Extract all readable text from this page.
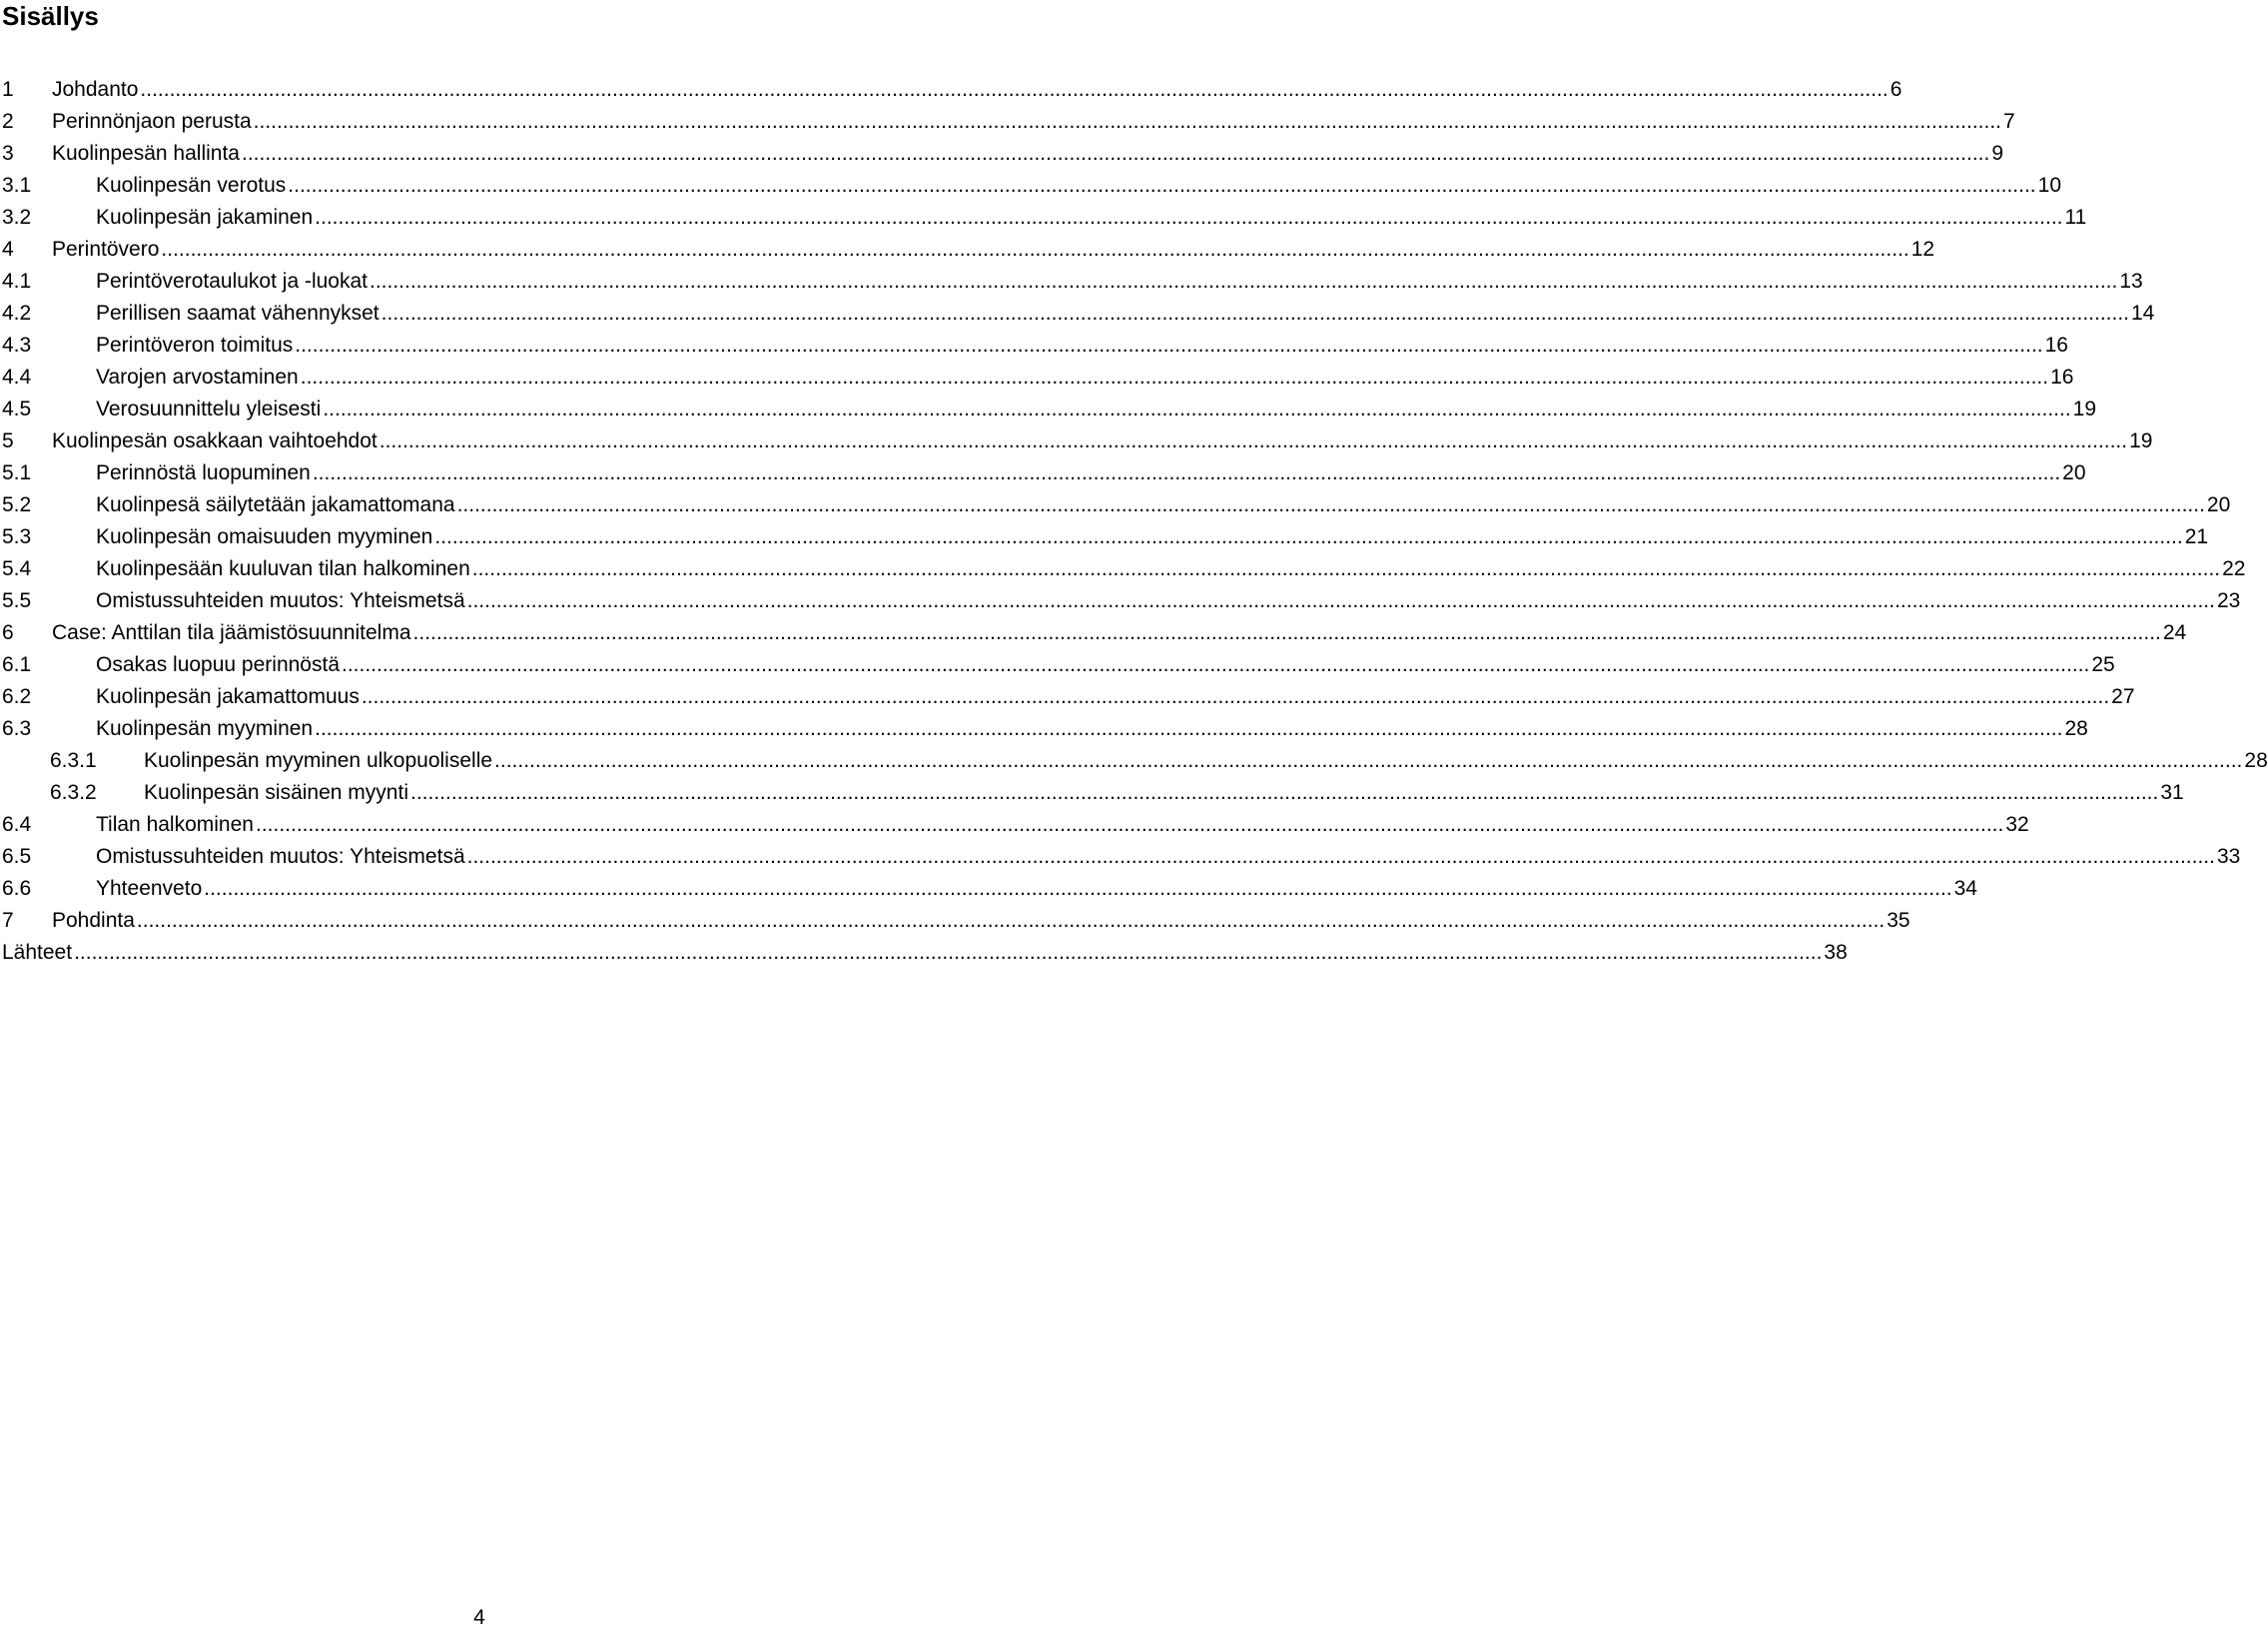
Sisällys
1 Johdanto ............................................................................................................................................................................................................................................................................................................ 6
2 Perinnönjaon perusta ............................................................................................................................................................................................................................................................................................................ 7
3 Kuolinpesän hallinta ............................................................................................................................................................................................................................................................................................................ 9
3.1	Kuolinpesän verotus ............................................................................................................................................................................................................................................................................................................ 10
3.2	Kuolinpesän jakaminen ............................................................................................................................................................................................................................................................................................................ 11
4 Perintövero ............................................................................................................................................................................................................................................................................................................ 12
4.1	Perintöverotaulukot ja -luokat ............................................................................................................................................................................................................................................................................................................ 13
4.2	Perillisen saamat vähennykset ............................................................................................................................................................................................................................................................................................................ 14
4.3	Perintöveron toimitus ............................................................................................................................................................................................................................................................................................................ 16
4.4	Varojen arvostaminen ............................................................................................................................................................................................................................................................................................................ 16
4.5	Verosuunnittelu yleisesti ............................................................................................................................................................................................................................................................................................................ 19
5 Kuolinpesän osakkaan vaihtoehdot ............................................................................................................................................................................................................................................................................................................ 19
5.1	Perinnöstä luopuminen ............................................................................................................................................................................................................................................................................................................ 20
5.2	Kuolinpesä säilytetään jakamattomana ............................................................................................................................................................................................................................................................................................................ 20
5.3	Kuolinpesän omaisuuden myyminen ............................................................................................................................................................................................................................................................................................................ 21
5.4	Kuolinpesään kuuluvan tilan halkominen ............................................................................................................................................................................................................................................................................................................ 22
5.5	Omistussuhteiden muutos: Yhteismetsä ............................................................................................................................................................................................................................................................................................................ 23
6 Case: Anttilan tila jäämistösuunnitelma ............................................................................................................................................................................................................................................................................................................ 24
6.1	Osakas luopuu perinnöstä ............................................................................................................................................................................................................................................................................................................ 25
6.2	Kuolinpesän jakamattomuus ............................................................................................................................................................................................................................................................................................................ 27
6.3	Kuolinpesän myyminen ............................................................................................................................................................................................................................................................................................................ 28
6.3.1 Kuolinpesän myyminen ulkopuoliselle ............................................................................................................................................................................................................................................................................................................ 28
6.3.2 Kuolinpesän sisäinen myynti ............................................................................................................................................................................................................................................................................................................ 31
6.4	Tilan halkominen ............................................................................................................................................................................................................................................................................................................ 32
6.5	Omistussuhteiden muutos: Yhteismetsä ............................................................................................................................................................................................................................................................................................................ 33
6.6	Yhteenveto ............................................................................................................................................................................................................................................................................................................ 34
7 Pohdinta ............................................................................................................................................................................................................................................................................................................ 35
Lähteet ............................................................................................................................................................................................................................................................................................................ 38
4
